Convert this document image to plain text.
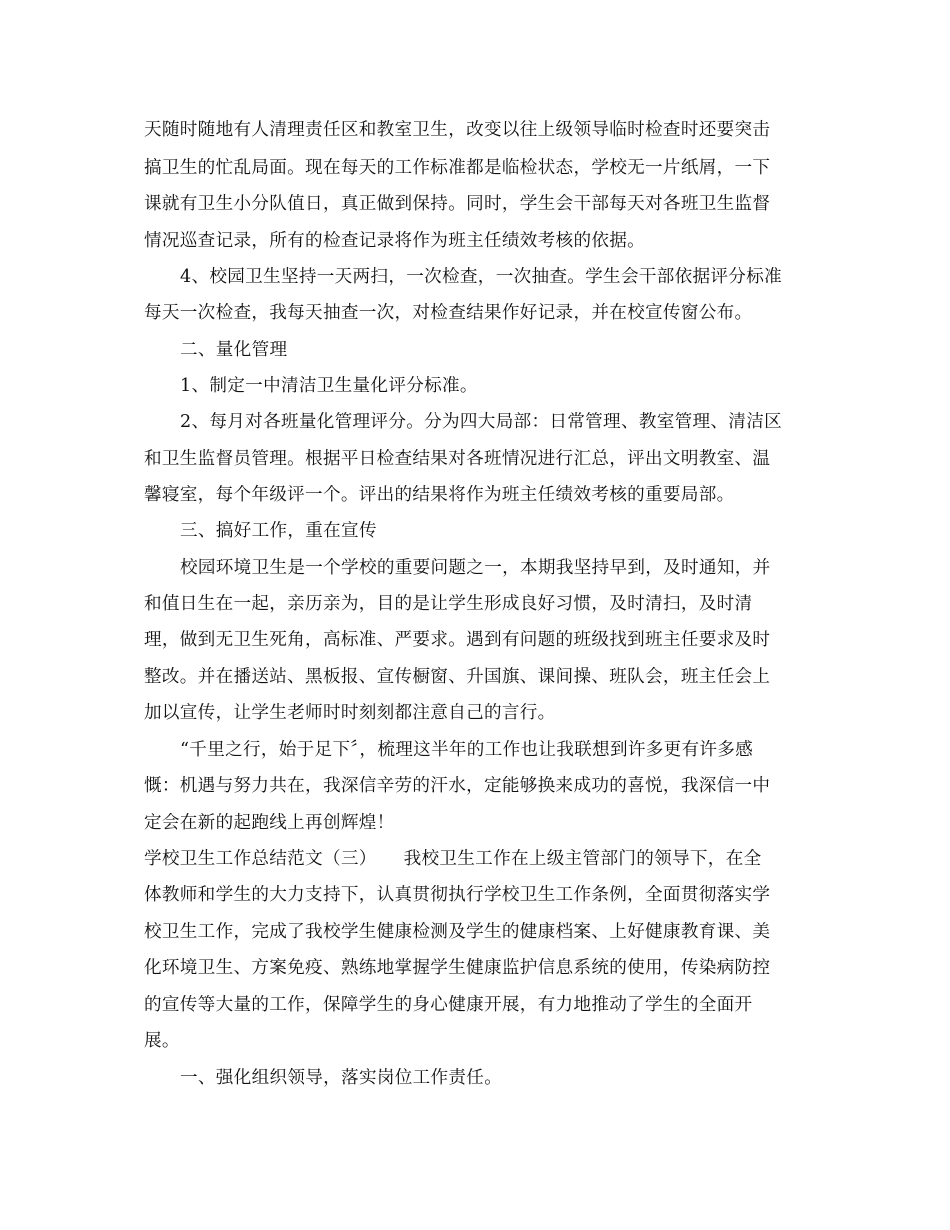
天随时随地有人清理责任区和教室卫生，改变以往上级领导临时检查时还要突击
搞卫生的忙乱局面。现在每天的工作标准都是临检状态，学校无一片纸屑，一下
课就有卫生小分队值日，真正做到保持。同时，学生会干部每天对各班卫生监督
情况巡查记录，所有的检查记录将作为班主任绩效考核的依据。
4、校园卫生坚持一天两扫，一次检查，一次抽查。学生会干部依据评分标准
每天一次检查，我每天抽查一次，对检查结果作好记录，并在校宣传窗公布。
二、量化管理
1、制定一中清洁卫生量化评分标准。
2、每月对各班量化管理评分。分为四大局部：日常管理、教室管理、清洁区
和卫生监督员管理。根据平日检查结果对各班情况进行汇总，评出文明教室、温
馨寝室，每个年级评一个。评出的结果将作为班主任绩效考核的重要局部。
三、搞好工作，重在宣传
校园环境卫生是一个学校的重要问题之一，本期我坚持早到，及时通知，并
和值日生在一起，亲历亲为，目的是让学生形成良好习惯，及时清扫，及时清
理，做到无卫生死角，高标准、严要求。遇到有问题的班级找到班主任要求及时
整改。并在播送站、黑板报、宣传橱窗、升国旗、课间操、班队会，班主任会上
加以宣传，让学生老师时时刻刻都注意自己的言行。
“千里之行，始于足下〞，梳理这半年的工作也让我联想到许多更有许多感
慨：机遇与努力共在，我深信辛劳的汗水，定能够换来成功的喜悦，我深信一中
定会在新的起跑线上再创辉煌！
学校卫生工作总结范文（三）　　我校卫生工作在上级主管部门的领导下，在全
体教师和学生的大力支持下，认真贯彻执行学校卫生工作条例，全面贯彻落实学
校卫生工作，完成了我校学生健康检测及学生的健康档案、上好健康教育课、美
化环境卫生、方案免疫、熟练地掌握学生健康监护信息系统的使用，传染病防控
的宣传等大量的工作，保障学生的身心健康开展，有力地推动了学生的全面开
展。
一、强化组织领导，落实岗位工作责任。
